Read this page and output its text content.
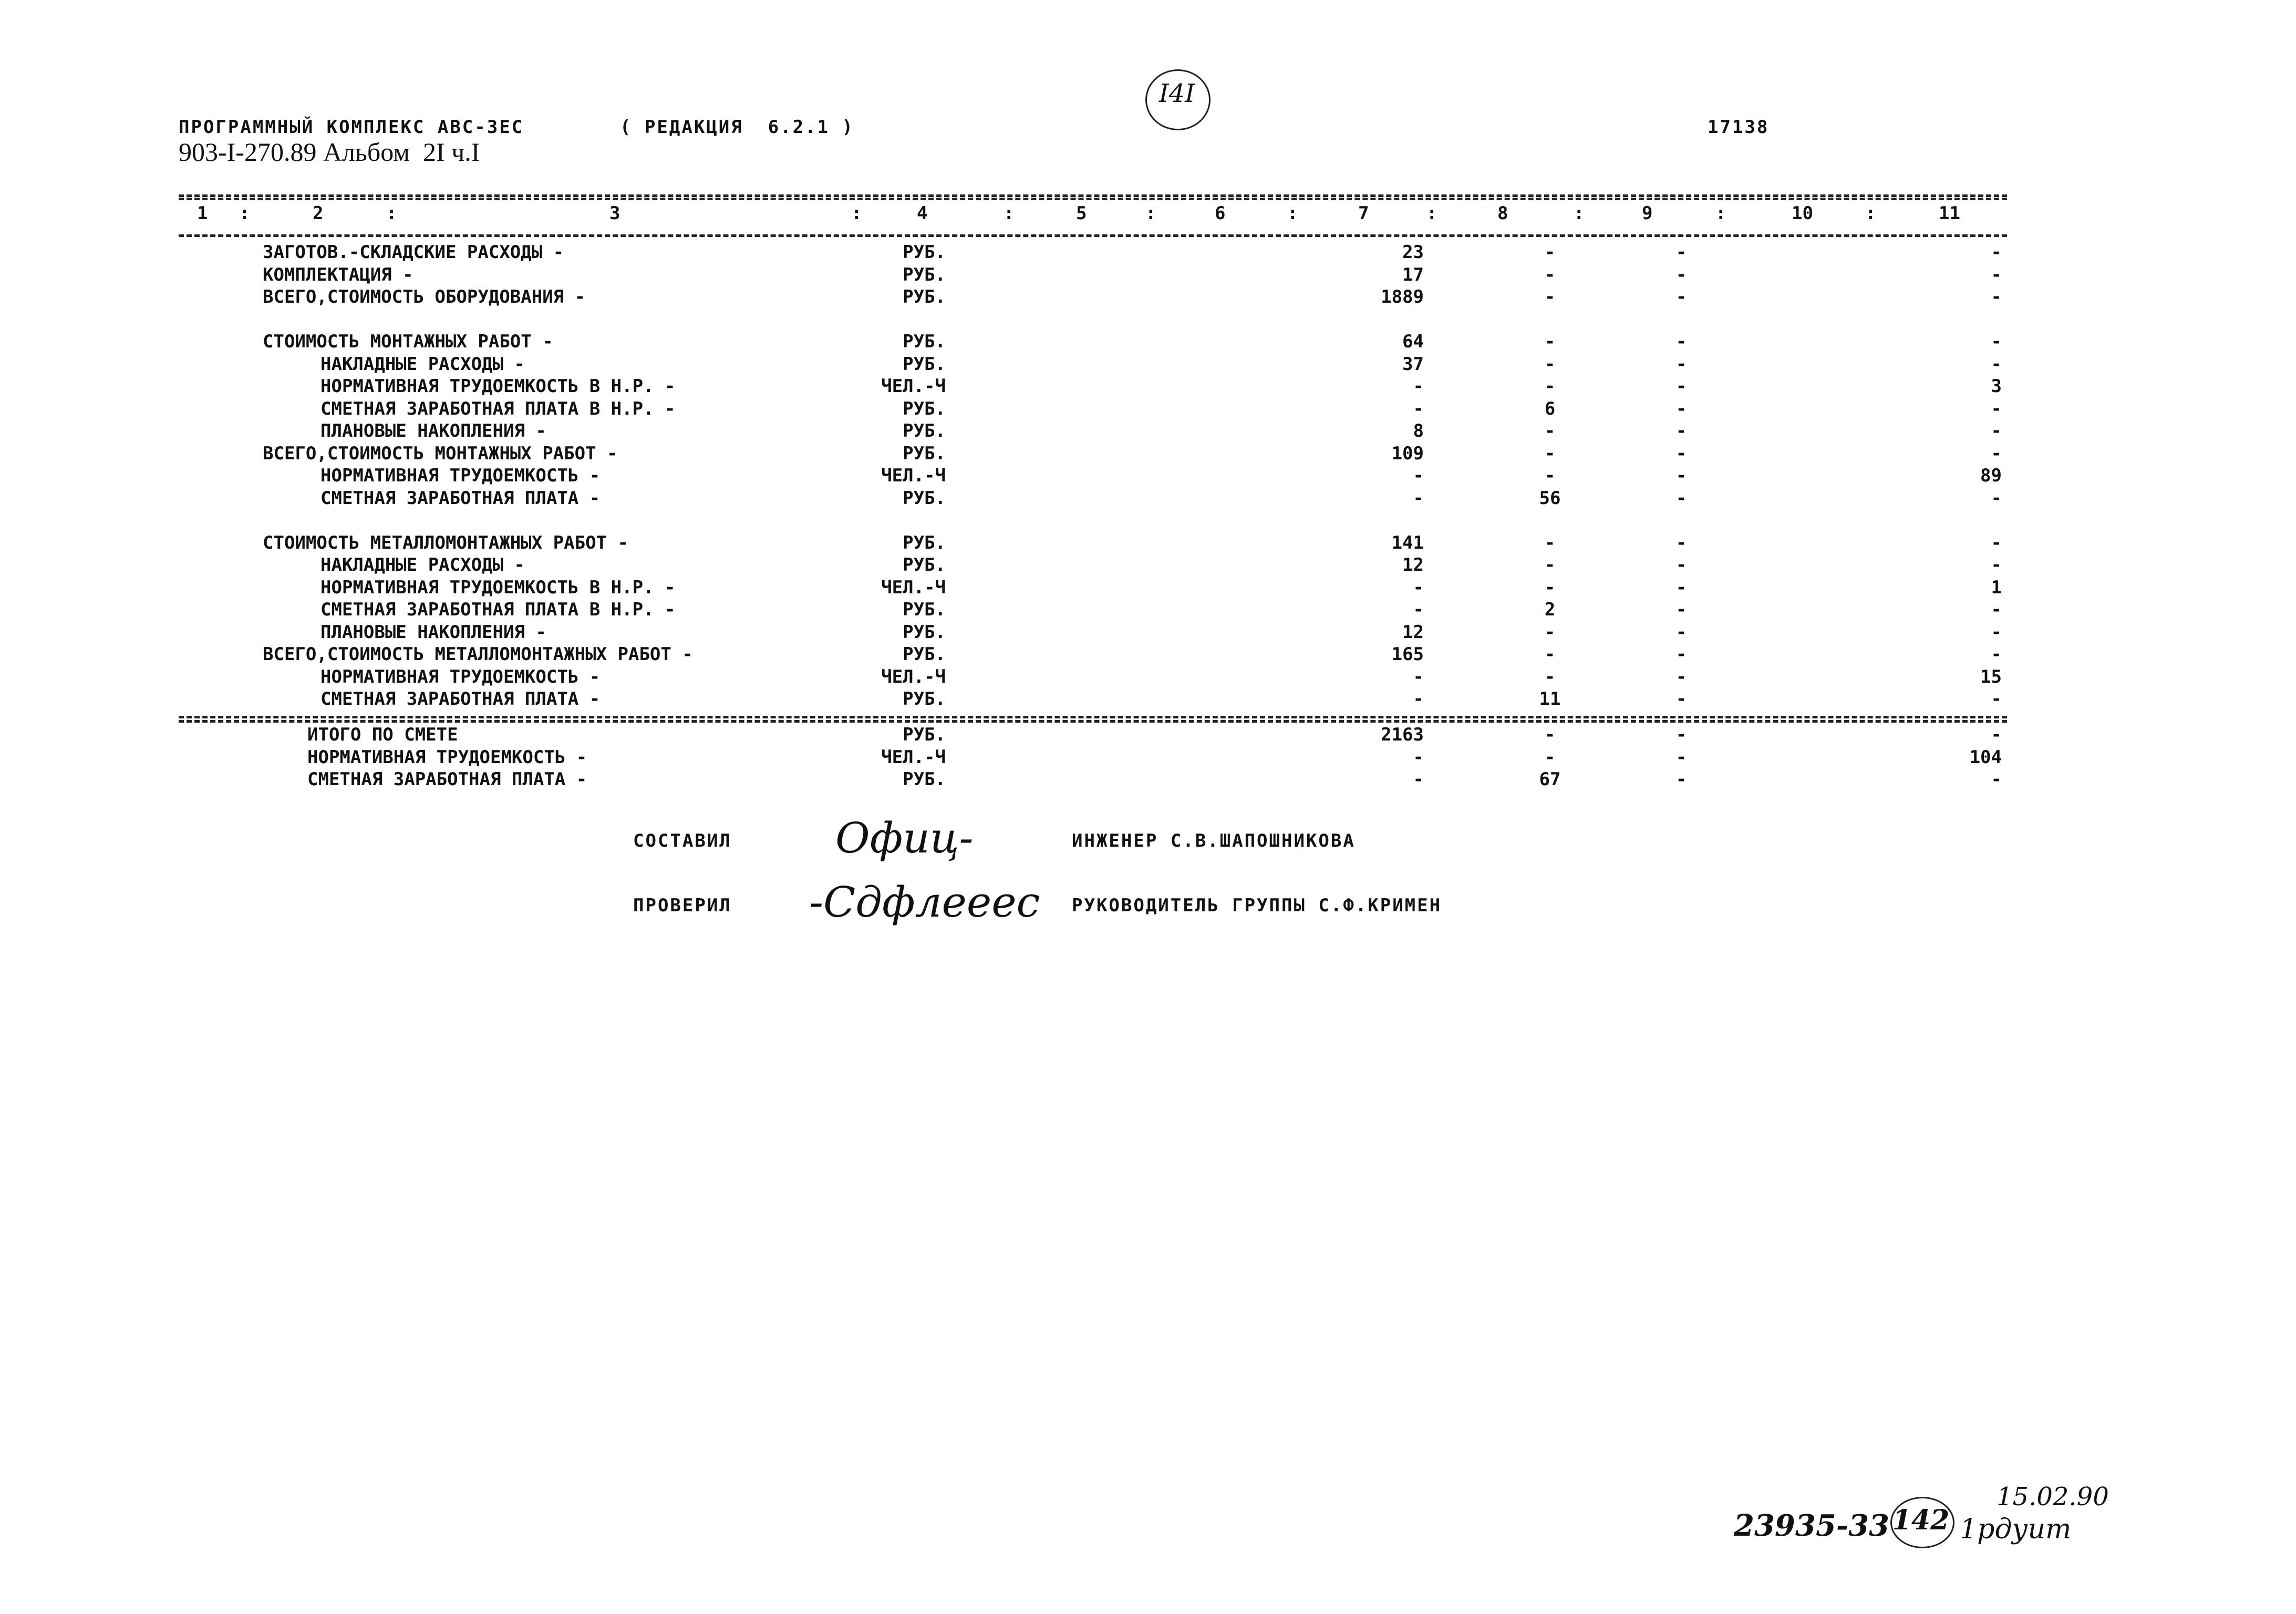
ПРОГРАММНЫЙ КОМПЛЕКС АВС-3ЕС	( РЕДАКЦИЯ  6.2.1 )
903-I-270.89 Альбом  2I ч.I
I4I
17138
1	2	3	4	5	6	7	8	9	10	11
:	:	:	:	:	:	:	:	:	:
ЗАГОТОВ.-СКЛАДСКИЕ РАСХОДЫ -	РУБ.	23	-	-	-
КОМПЛЕКТАЦИЯ -	РУБ.	17	-	-	-
ВСЕГО,СТОИМОСТЬ ОБОРУДОВАНИЯ -	РУБ.	1889	-	-	-
СТОИМОСТЬ МОНТАЖНЫХ РАБОТ -	РУБ.	64	-	-	-
НАКЛАДНЫЕ РАСХОДЫ -	РУБ.	37	-	-	-
НОРМАТИВНАЯ ТРУДОЕМКОСТЬ В Н.Р. -	ЧЕЛ.-Ч	-	-	-	3
СМЕТНАЯ ЗАРАБОТНАЯ ПЛАТА В Н.Р. -	РУБ.	-	6	-	-
ПЛАНОВЫЕ НАКОПЛЕНИЯ -	РУБ.	8	-	-	-
ВСЕГО,СТОИМОСТЬ МОНТАЖНЫХ РАБОТ -	РУБ.	109	-	-	-
НОРМАТИВНАЯ ТРУДОЕМКОСТЬ -	ЧЕЛ.-Ч	-	-	-	89
СМЕТНАЯ ЗАРАБОТНАЯ ПЛАТА -	РУБ.	-	56	-	-
СТОИМОСТЬ МЕТАЛЛОМОНТАЖНЫХ РАБОТ -	РУБ.	141	-	-	-
НАКЛАДНЫЕ РАСХОДЫ -	РУБ.	12	-	-	-
НОРМАТИВНАЯ ТРУДОЕМКОСТЬ В Н.Р. -	ЧЕЛ.-Ч	-	-	-	1
СМЕТНАЯ ЗАРАБОТНАЯ ПЛАТА В Н.Р. -	РУБ.	-	2	-	-
ПЛАНОВЫЕ НАКОПЛЕНИЯ -	РУБ.	12	-	-	-
ВСЕГО,СТОИМОСТЬ МЕТАЛЛОМОНТАЖНЫХ РАБОТ -	РУБ.	165	-	-	-
НОРМАТИВНАЯ ТРУДОЕМКОСТЬ -	ЧЕЛ.-Ч	-	-	-	15
СМЕТНАЯ ЗАРАБОТНАЯ ПЛАТА -	РУБ.	-	11	-	-
ИТОГО ПО СМЕТЕ	РУБ.	2163	-	-	-
НОРМАТИВНАЯ ТРУДОЕМКОСТЬ -	ЧЕЛ.-Ч	-	-	-	104
СМЕТНАЯ ЗАРАБОТНАЯ ПЛАТА -	РУБ.	-	67	-	-
СОСТАВИЛ Офиц-	ИНЖЕНЕР С.В.ШАПОШНИКОВА
ПРОВЕРИЛ -Сдфлееес РУКОВОДИТЕЛЬ ГРУППЫ С.Ф.КРИМЕН
23935-33 142
15.02.90
1рдуит
